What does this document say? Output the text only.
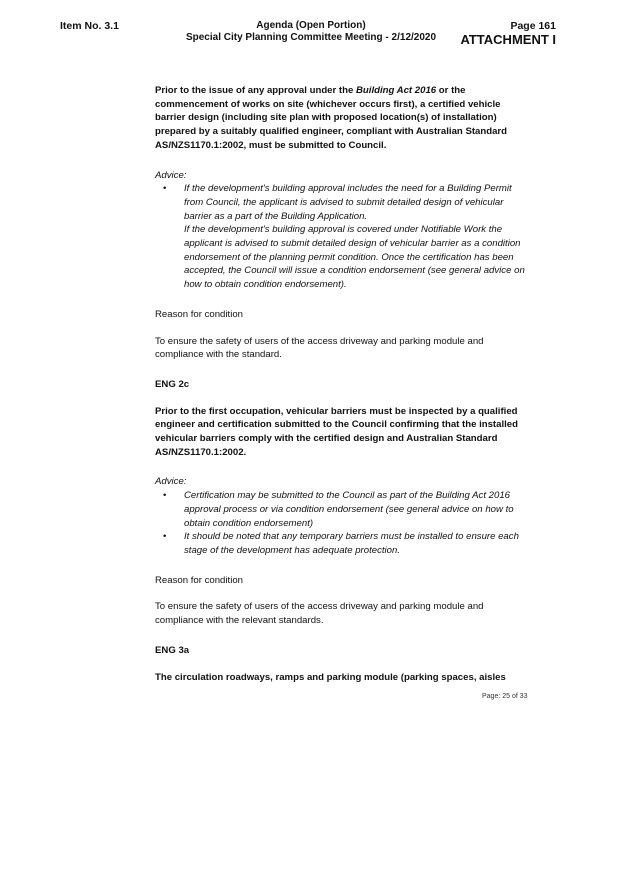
Item No. 3.1	Agenda (Open Portion)
Special City Planning Committee Meeting - 2/12/2020
Page 161
ATTACHMENT I

Prior to the issue of any approval under the Building Act 2016 or the commencement of works on site (whichever occurs first), a certified vehicle barrier design (including site plan with proposed location(s) of installation) prepared by a suitably qualified engineer, compliant with Australian Standard AS/NZS1170.1:2002, must be submitted to Council.

Advice:

• If the development's building approval includes the need for a Building Permit from Council, the applicant is advised to submit detailed design of vehicular barrier as a part of the Building Application.
If the development's building approval is covered under Notifiable Work the applicant is advised to submit detailed design of vehicular barrier as a condition endorsement of the planning permit condition. Once the certification has been accepted, the Council will issue a condition endorsement (see general advice on how to obtain condition endorsement).

Reason for condition

To ensure the safety of users of the access driveway and parking module and compliance with the standard.

ENG 2c

Prior to the first occupation, vehicular barriers must be inspected by a qualified engineer and certification submitted to the Council confirming that the installed vehicular barriers comply with the certified design and Australian Standard AS/NZS1170.1:2002.

Advice:

• Certification may be submitted to the Council as part of the Building Act 2016 approval process or via condition endorsement (see general advice on how to obtain condition endorsement)
• It should be noted that any temporary barriers must be installed to ensure each stage of the development has adequate protection.

Reason for condition

To ensure the safety of users of the access driveway and parking module and compliance with the relevant standards.

ENG 3a

The circulation roadways, ramps and parking module (parking spaces, aisles

Page: 25 of 33
